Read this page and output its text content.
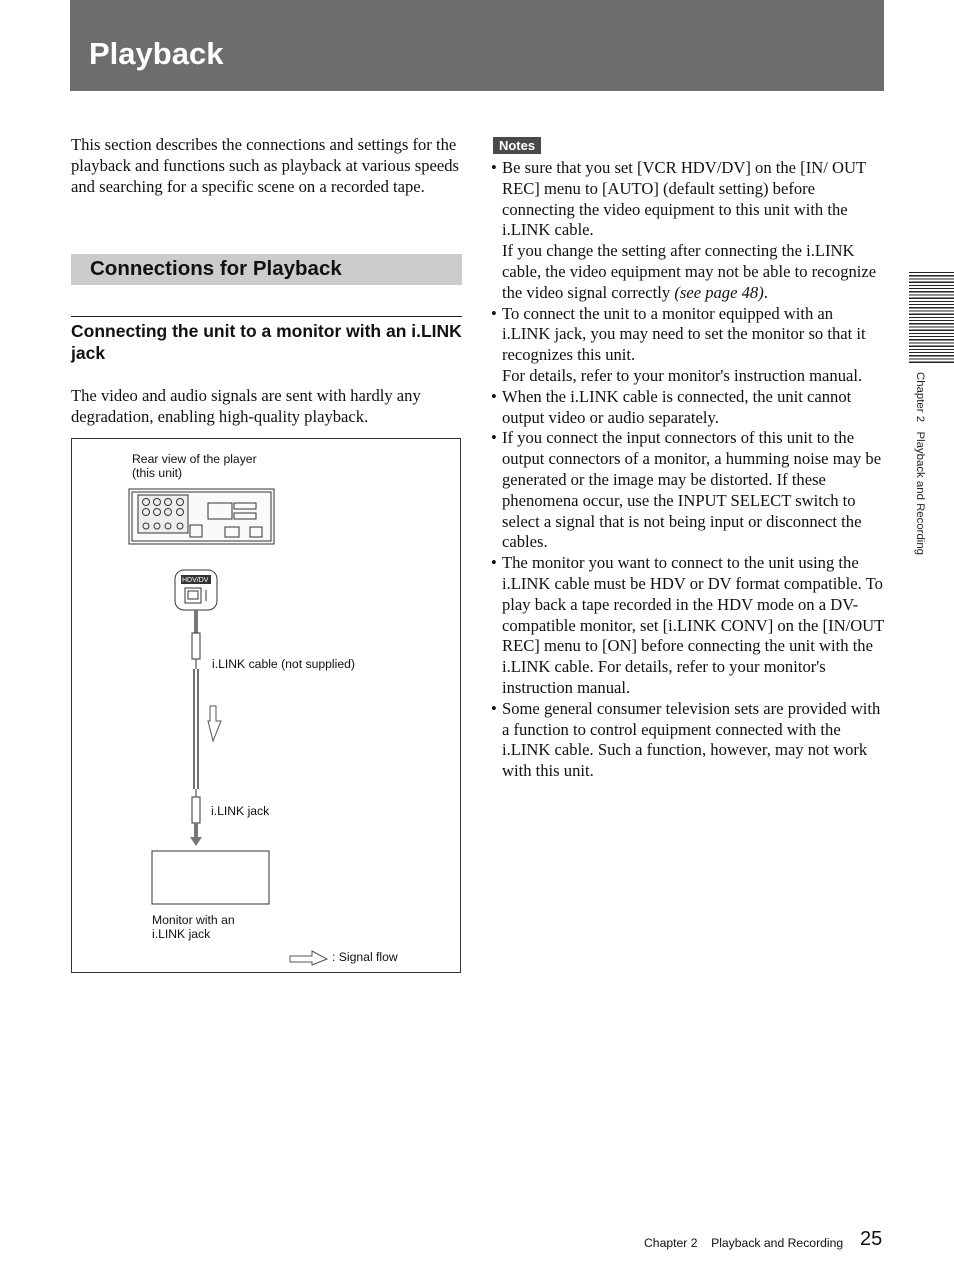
Playback

This section describes the connections and settings for the playback and functions such as playback at various speeds and searching for a specific scene on a recorded tape.

Connections for Playback
Connecting the unit to a monitor with an i.LINK jack

The video and audio signals are sent with hardly any degradation, enabling high-quality playback.

Rear view of the player
(this unit)
HDV/DV
i.LINK cable (not supplied)
i.LINK jack
Monitor with an
i.LINK jack
: Signal flow
Notes
• Be sure that you set [VCR HDV/DV] on the [IN/ OUT REC] menu to [AUTO] (default setting) before connecting the video equipment to this unit with the i.LINK cable.
If you change the setting after connecting the i.LINK cable, the video equipment may not be able to recognize the video signal correctly (see page 48).
• To connect the unit to a monitor equipped with an i.LINK jack, you may need to set the monitor so that it recognizes this unit.
For details, refer to your monitor's instruction manual.
• When the i.LINK cable is connected, the unit cannot output video or audio separately.
• If you connect the input connectors of this unit to the output connectors of a monitor, a humming noise may be generated or the image may be distorted. If these phenomena occur, use the INPUT SELECT switch to select a signal that is not being input or disconnect the cables.
• The monitor you want to connect to the unit using the i.LINK cable must be HDV or DV format compatible. To play back a tape recorded in the HDV mode on a DV-compatible monitor, set [i.LINK CONV] on the [IN/OUT REC] menu to [ON] before connecting the unit with the i.LINK cable. For details, refer to your monitor's instruction manual.
• Some general consumer television sets are provided with a function to control equipment connected with the i.LINK cable. Such a function, however, may not work with this unit.
Chapter 2   Playback and Recording
Chapter 2    Playback and Recording 25
